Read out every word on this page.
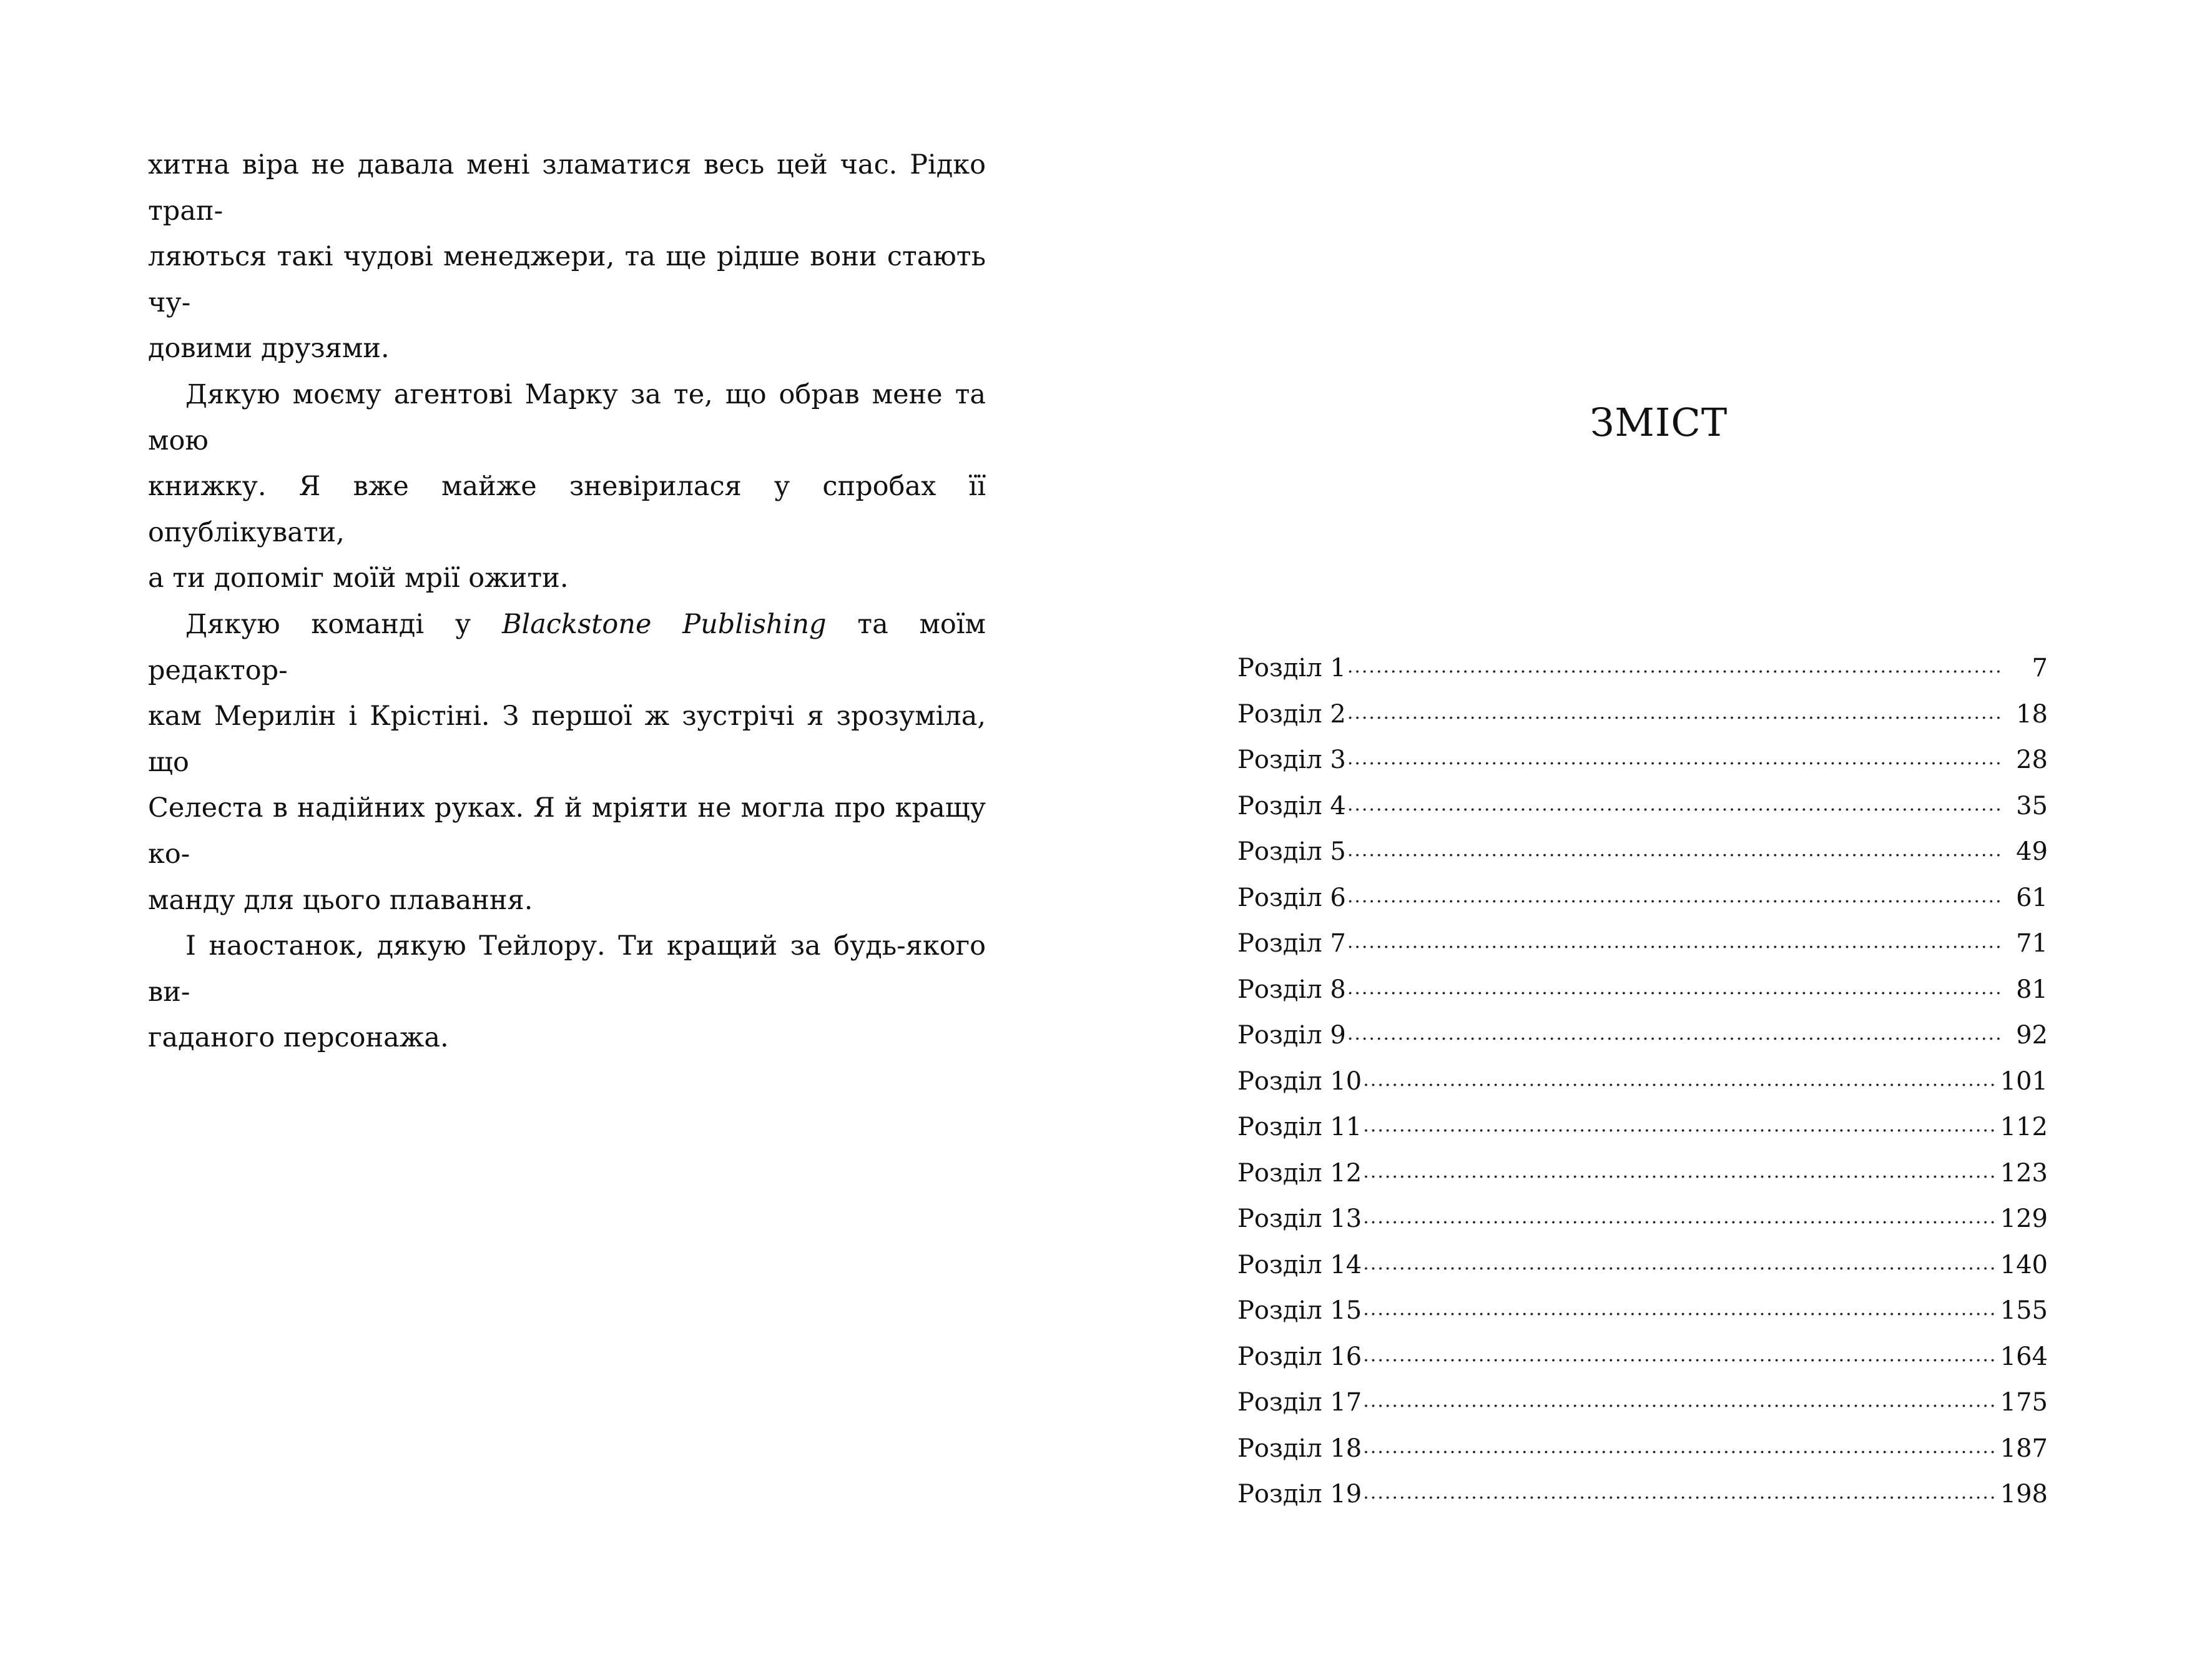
хитна віра не давала мені зламатися весь цей час. Рідко трап-
ляються такі чудові менеджери, та ще рідше вони стають чу-
довими друзями.

Дякую моєму агентові Марку за те, що обрав мене та мою
книжку. Я вже майже зневірилася у спробах її опублікувати,
а ти допоміг моїй мрії ожити.

Дякую команді у Blackstone Publishing та моїм редактор-
кам Мерилін і Крістіні. З першої ж зустрічі я зрозуміла, що
Селеста в надійних руках. Я й мріяти не могла про кращу ко-
манду для цього плавання.

І наостанок, дякую Тейлору. Ти кращий за будь-якого ви-
гаданого персонажа.

ЗМІСТ
Розділ 1 .....	7
Розділ 2 .....	18
Розділ 3 .....	28
Розділ 4 .....	35
Розділ 5 .....	49
Розділ 6 .....	61
Розділ 7 .....	71
Розділ 8 .....	81
Розділ 9 .....	92
Розділ 10 .....	101
Розділ 11 .....	112
Розділ 12 .....	123
Розділ 13 .....	129
Розділ 14 .....	140
Розділ 15 .....	155
Розділ 16 .....	164
Розділ 17 .....	175
Розділ 18 .....	187
Розділ 19 .....	198
